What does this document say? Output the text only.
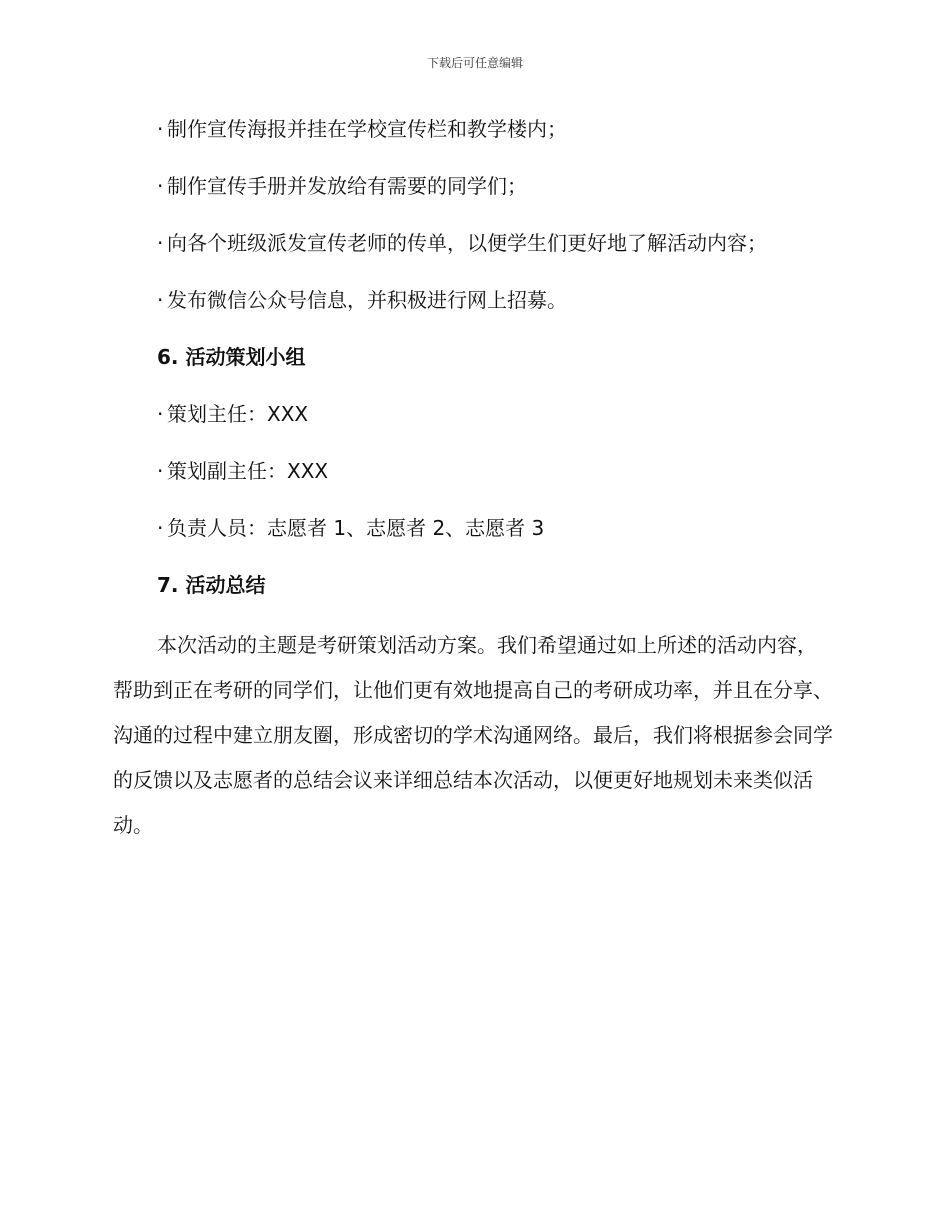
下载后可任意编辑
· 制作宣传海报并挂在学校宣传栏和教学楼内；
· 制作宣传手册并发放给有需要的同学们；
· 向各个班级派发宣传老师的传单，以便学生们更好地了解活动内容；
· 发布微信公众号信息，并积极进行网上招募。
6. 活动策划小组
· 策划主任：XXX
· 策划副主任：XXX
· 负责人员：志愿者 1、志愿者 2、志愿者 3
7. 活动总结

本次活动的主题是考研策划活动方案。我们希望通过如上所述的活动内容，帮助到正在考研的同学们，让他们更有效地提高自己的考研成功率，并且在分享、沟通的过程中建立朋友圈，形成密切的学术沟通网络。最后，我们将根据参会同学的反馈以及志愿者的总结会议来详细总结本次活动，以便更好地规划未来类似活动。
